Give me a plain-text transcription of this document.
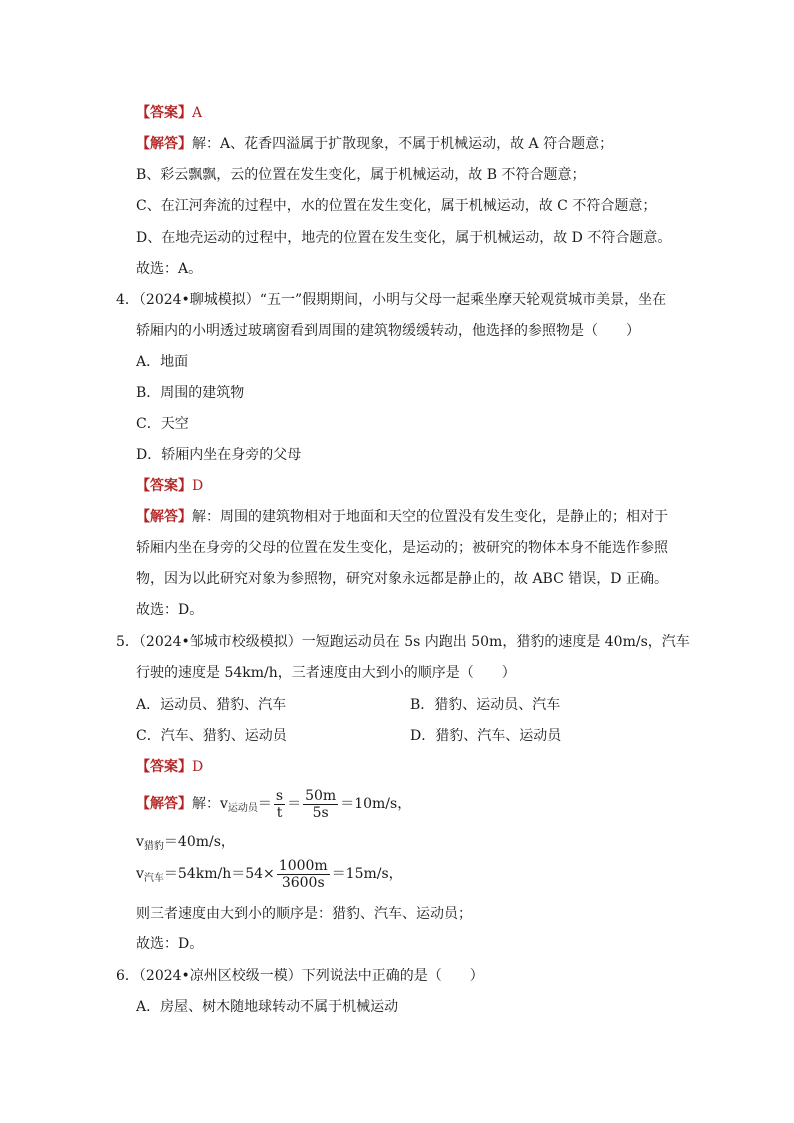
【答案】A
【解答】解：A、花香四溢属于扩散现象，不属于机械运动，故 A 符合题意；
B、彩云飘飘，云的位置在发生变化，属于机械运动，故 B 不符合题意；
C、在江河奔流的过程中，水的位置在发生变化，属于机械运动，故 C 不符合题意；
D、在地壳运动的过程中，地壳的位置在发生变化，属于机械运动，故 D 不符合题意。
故选：A。
4．（2024•聊城模拟）“五一”假期期间，小明与父母一起乘坐摩天轮观赏城市美景，坐在
轿厢内的小明透过玻璃窗看到周围的建筑物缓缓转动，他选择的参照物是（　　）
A．地面
B．周围的建筑物
C．天空
D．轿厢内坐在身旁的父母
【答案】D
【解答】解：周围的建筑物相对于地面和天空的位置没有发生变化，是静止的；相对于
轿厢内坐在身旁的父母的位置在发生变化，是运动的；被研究的物体本身不能选作参照
物，因为以此研究对象为参照物，研究对象永远都是静止的，故 ABC 错误，D 正确。
故选：D。
5．（2024•邹城市校级模拟）一短跑运动员在 5s 内跑出 50m，猎豹的速度是 40m/s，汽车
行驶的速度是 54km/h，三者速度由大到小的顺序是（　　）
A．运动员、猎豹、汽车	B．猎豹、运动员、汽车
C．汽车、猎豹、运动员	D．猎豹、汽车、运动员
【答案】D
【解答】解：$v_{运动员}= \frac{s}{t} = \frac{50m}{5s} =10m/s$，
$v_{猎豹}=40m/s$，
$v_{汽车}=54km/h=54\times \frac{1000m}{3600s} =15m/s$，
则三者速度由大到小的顺序是：猎豹、汽车、运动员；
故选：D。
6．（2024•凉州区校级一模）下列说法中正确的是（　　）
A．房屋、树木随地球转动不属于机械运动
